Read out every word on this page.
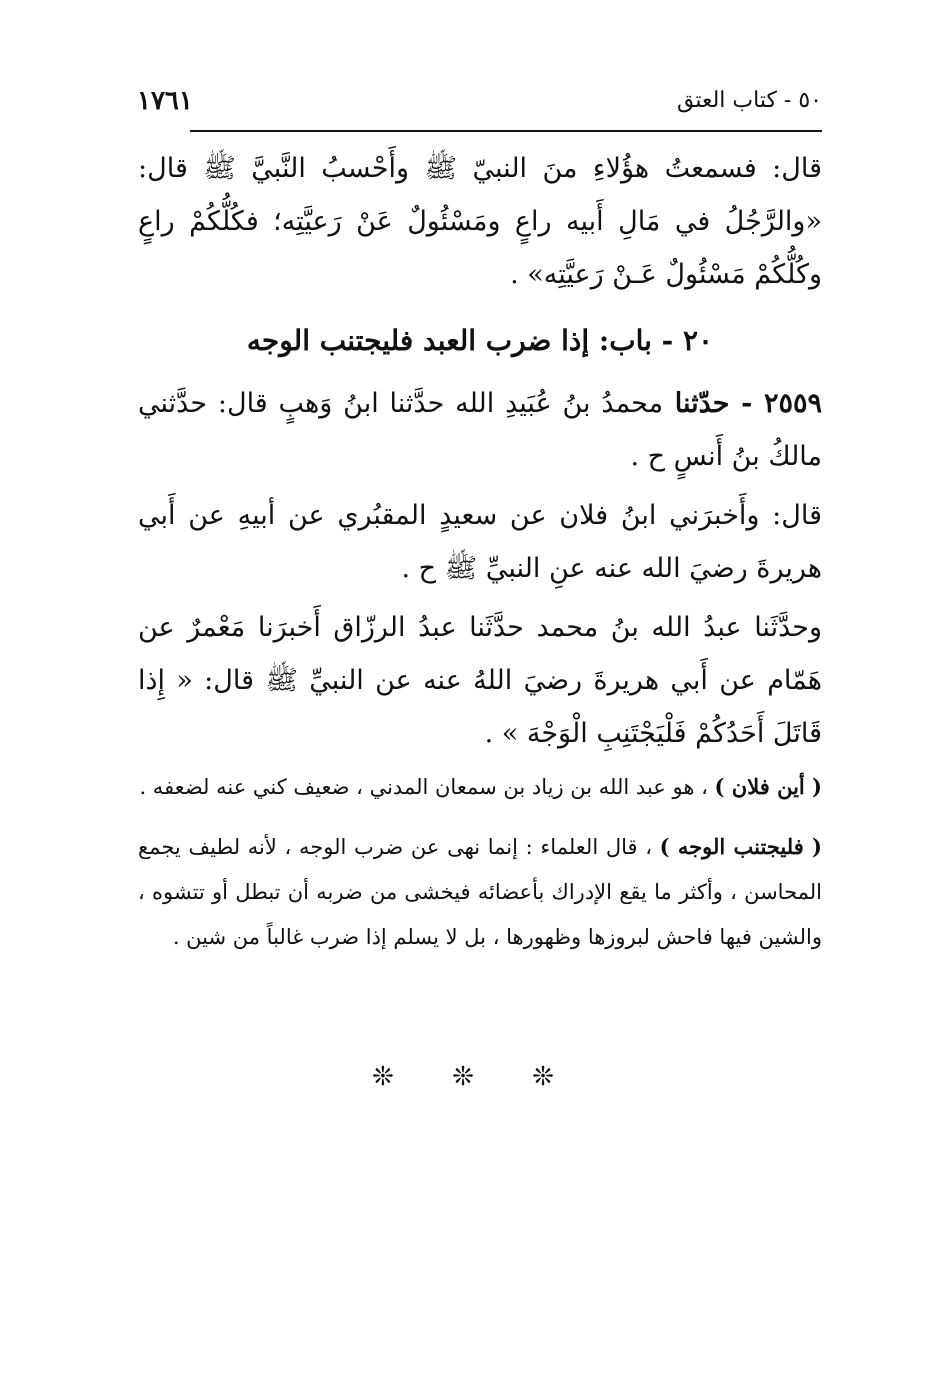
١٧٦١	٥٠ - كتاب العتق

قال: فسمعتُ هؤُلاءِ منَ النبيّ ﷺ وأَحْسبُ النَّبيَّ ﷺ قال: «والرَّجُلُ في مَالِ أَبيه راعٍ ومَسْئُولٌ عَنْ رَعيَّتِه؛ فكُلُّكُمْ راعٍ وكُلُّكُمْ مَسْئُولٌ عَـنْ رَعيَّتِه» .

٢٠ - باب: إذا ضرب العبد فليجتنب الوجه

٢٥٥٩ - حدّثنا محمدُ بنُ عُبَيدِ الله حدَّثنا ابنُ وَهبٍ قال: حدَّثني مالكُ بنُ أَنسٍ ح .

قال: وأَخبرَني ابنُ فلان عن سعيدٍ المقبُري عن أبيهِ عن أَبي هريرةَ رضيَ الله عنه عنِ النبيِّ ﷺ ح .

وحدَّثَنا عبدُ الله بنُ محمد حدَّثَنا عبدُ الرزّاق أَخبرَنا مَعْمرٌ عن هَمّام عن أَبي هريرةَ رضيَ اللهُ عنه عن النبيِّ ﷺ قال: « إِذا قَاتَلَ أَحَدُكُمْ فَلْيَجْتَنِبِ الْوَجْهَ » .

( أين فلان ) ، هو عبد الله بن زياد بن سمعان المدني ، ضعيف كني عنه لضعفه .

( فليجتنب الوجه ) ، قال العلماء : إنما نهى عن ضرب الوجه ، لأنه لطيف يجمع المحاسن ، وأكثر ما يقع الإدراك بأعضائه فيخشى من ضربه أن تبطل أو تتشوه ، والشين فيها فاحش لبروزها وظهورها ، بل لا يسلم إذا ضرب غالباً من شين .

❊ ❊ ❊
